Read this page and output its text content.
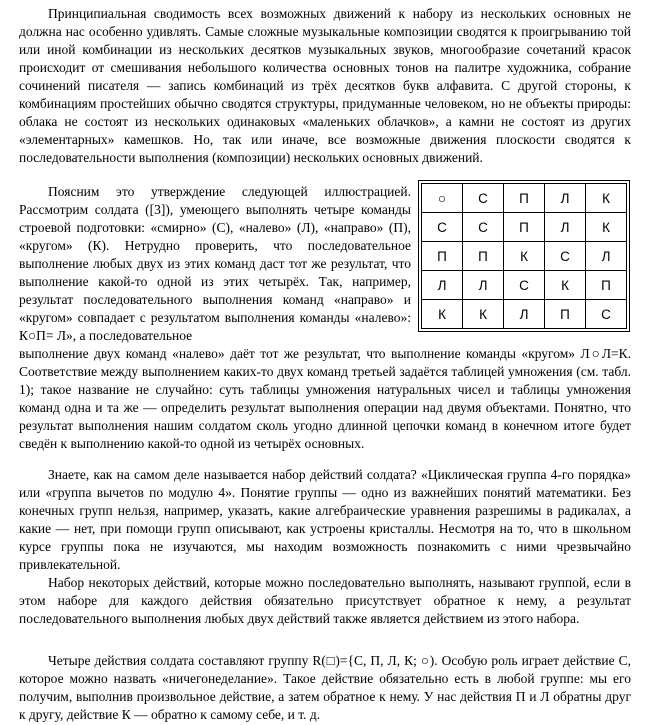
Принципиальная сводимость всех возможных движений к набору из нескольких основных не должна нас особенно удивлять. Самые сложные музыкальные композиции сводятся к проигрыванию той или иной комбинации из нескольких десятков музыкальных звуков, многообразие сочетаний красок происходит от смешивания небольшого количества основных тонов на палитре художника, собрание сочинений писателя — запись комбинаций из трёх десятков букв алфавита. С другой стороны, к комбинациям простейших обычно сводятся структуры, придуманные человеком, но не объекты природы: облака не состоят из нескольких одинаковых «маленьких облачков», а камни не состоят из других «элементарных» камешков. Но, так или иначе, все возможные движения плоскости сводятся к последовательности выполнения (композиции) нескольких основных движений.

Поясним это утверждение следующей иллюстрацией. Рассмотрим солдата ([3]), умеющего выполнять четыре команды строевой подготовки: «смирно» (С), «налево» (Л), «направо» (П), «кругом» (К). Нетрудно проверить, что последовательное выполнение любых двух из этих команд даст тот же результат, что выполнение какой-то одной из этих четырёх. Так, например, результат последовательного выполнения команд «направо» и «кругом» совпадает с результатом выполнения команды «налево»: К○П= Л», а последовательное

выполнение двух команд «налево» даёт тот же результат, что выполнение команды «кругом» Л○Л=К. Соответствие между выполнением каких-то двух команд третьей задаётся таблицей умножения (см. табл. 1); такое название не случайно: суть таблицы умножения натуральных чисел и таблицы умножения команд одна и та же — определить результат выполнения операции над двумя объектами. Понятно, что результат выполнения нашим солдатом сколь угодно длинной цепочки команд в конечном итоге будет сведён к выполнению какой-то одной из четырёх основных.

○	С	П	Л	К
С	С	П	Л	К
П	П	К	С	Л
Л	Л	С	К	П
К	К	Л	П	С

Знаете, как на самом деле называется набор действий солдата? «Циклическая группа 4-го порядка» или «группа вычетов по модулю 4». Понятие группы — одно из важнейших понятий математики. Без конечных групп нельзя, например, указать, какие алгебраические уравнения разрешимы в радикалах, а какие — нет, при помощи групп описывают, как устроены кристаллы. Несмотря на то, что в школьном курсе группы пока не изучаются, мы находим возможность познакомить с ними чрезвычайно привлекательной.

Набор некоторых действий, которые можно последовательно выполнять, называют группой, если в этом наборе для каждого действия обязательно присутствует обратное к нему, а результат последовательного выполнения любых двух действий также является действием из этого набора.

Четыре действия солдата составляют группу R(□)={С, П, Л, К; ○). Особую роль играет действие С, которое можно назвать «ничегонеделание». Такое действие обязательно есть в любой группе: мы его получим, выполнив произвольное действие, а затем обратное к нему. У нас действия П и Л обратны друг к другу, действие К — обратно к самому себе, и т. д.
